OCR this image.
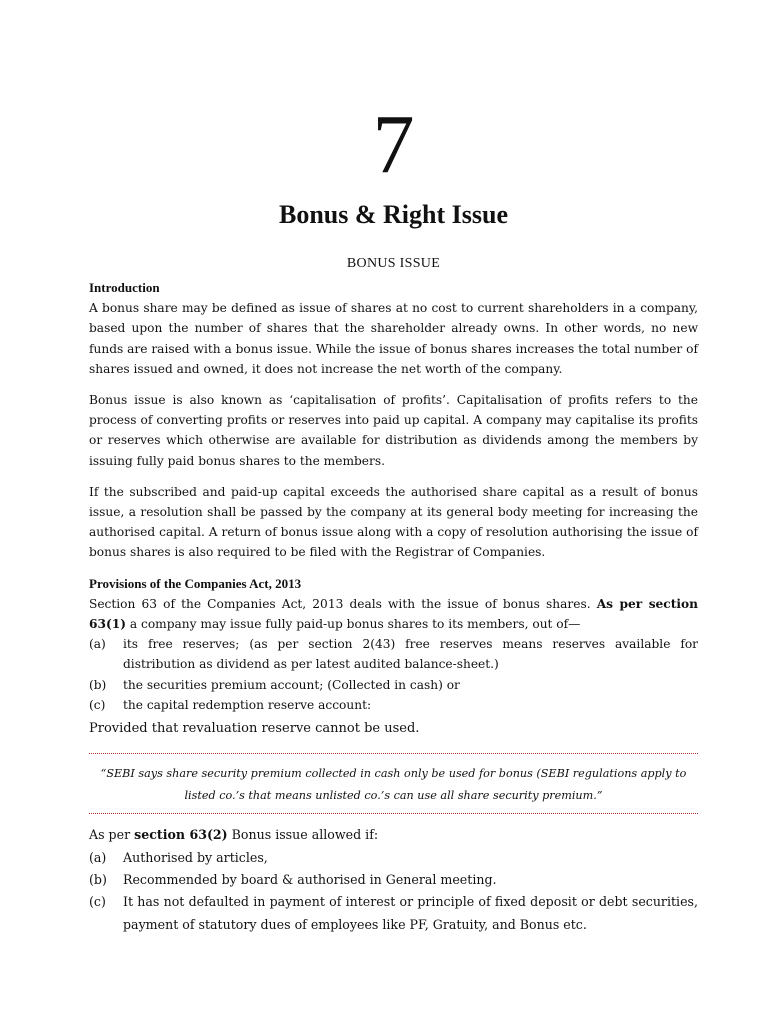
7
Bonus & Right Issue
BONUS ISSUE
Introduction

A bonus share may be defined as issue of shares at no cost to current shareholders in a company, based upon the number of shares that the shareholder already owns. In other words, no new funds are raised with a bonus issue. While the issue of bonus shares increases the total number of shares issued and owned, it does not increase the net worth of the company.

Bonus issue is also known as ‘capitalisation of profits’. Capitalisation of profits refers to the process of converting profits or reserves into paid up capital. A company may capitalise its profits or reserves which otherwise are available for distribution as dividends among the members by issuing fully paid bonus shares to the members.

If the subscribed and paid-up capital exceeds the authorised share capital as a result of bonus issue, a resolution shall be passed by the company at its general body meeting for increasing the authorised capital. A return of bonus issue along with a copy of resolution authorising the issue of bonus shares is also required to be filed with the Registrar of Companies.

Provisions of the Companies Act, 2013

Section 63 of the Companies Act, 2013 deals with the issue of bonus shares. As per section 63(1) a company may issue fully paid-up bonus shares to its members, out of—

(a)	its free reserves; (as per section 2(43) free reserves means reserves available for distribution as dividend as per latest audited balance-sheet.)
(b)	the securities premium account; (Collected in cash) or
(c)	the capital redemption reserve account:

Provided that revaluation reserve cannot be used.

“SEBI says share security premium collected in cash only be used for bonus (SEBI regulations apply to listed co.’s that means unlisted co.’s can use all share security premium.”

As per section 63(2) Bonus issue allowed if:

(a)	Authorised by articles,
(b)	Recommended by board & authorised in General meeting.
(c)	It has not defaulted in payment of interest or principle of fixed deposit or debt securities, payment of statutory dues of employees like PF, Gratuity, and Bonus etc.
